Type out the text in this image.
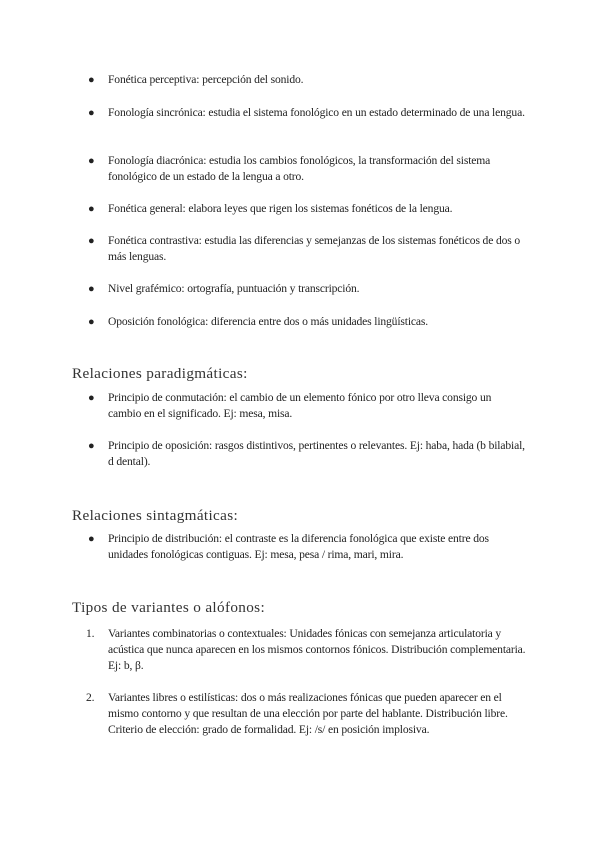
●	Fonética perceptiva: percepción del sonido.
●	Fonología sincrónica: estudia el sistema fonológico en un estado determinado de una lengua.
●	Fonología diacrónica: estudia los cambios fonológicos, la transformación del sistema fonológico de un estado de la lengua a otro.
●	Fonética general: elabora leyes que rigen los sistemas fonéticos de la lengua.
●	Fonética contrastiva: estudia las diferencias y semejanzas de los sistemas fonéticos de dos o más lenguas.
●	Nivel grafémico: ortografía, puntuación y transcripción.
●	Oposición fonológica: diferencia entre dos o más unidades lingüísticas.
Relaciones paradigmáticas:
●	Principio de conmutación: el cambio de un elemento fónico por otro lleva consigo un cambio en el significado. Ej: mesa, misa.
●	Principio de oposición: rasgos distintivos, pertinentes o relevantes. Ej: haba, hada (b bilabial, d dental).
Relaciones sintagmáticas:
●	Principio de distribución: el contraste es la diferencia fonológica que existe entre dos unidades fonológicas contiguas. Ej: mesa, pesa / rima, mari, mira.
Tipos de variantes o alófonos:
1.	Variantes combinatorias o contextuales: Unidades fónicas con semejanza articulatoria y acústica que nunca aparecen en los mismos contornos fónicos. Distribución complementaria. Ej: b, β.
2.	Variantes libres o estilísticas: dos o más realizaciones fónicas que pueden aparecer en el mismo contorno y que resultan de una elección por parte del hablante. Distribución libre. Criterio de elección: grado de formalidad. Ej: /s/ en posición implosiva.
